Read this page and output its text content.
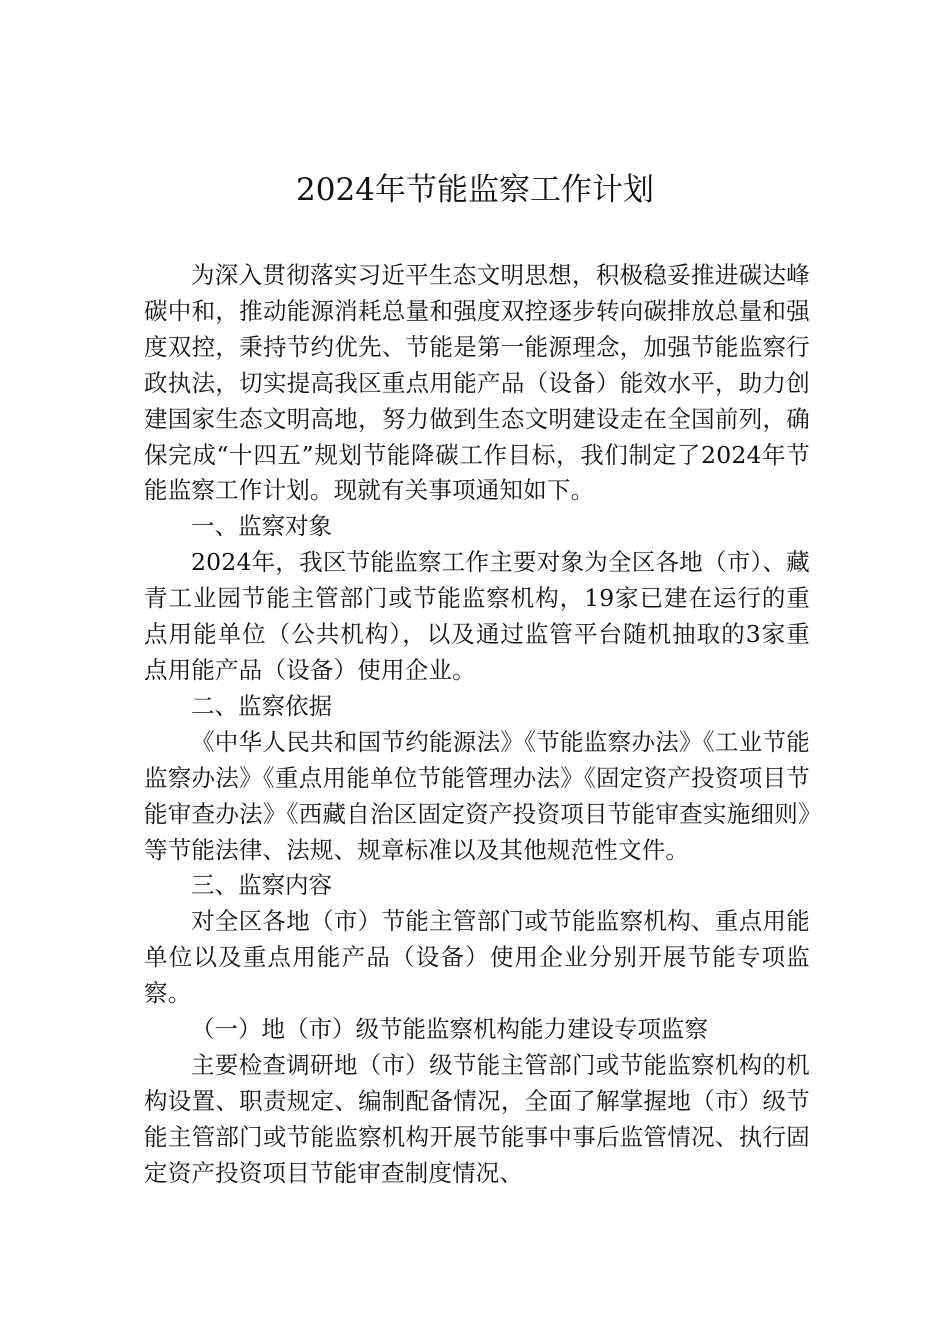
2024年节能监察工作计划

为深入贯彻落实习近平生态文明思想，积极稳妥推进碳达峰碳中和，推动能源消耗总量和强度双控逐步转向碳排放总量和强度双控，秉持节约优先、节能是第一能源理念，加强节能监察行政执法，切实提高我区重点用能产品（设备）能效水平，助力创建国家生态文明高地，努力做到生态文明建设走在全国前列，确保完成“十四五”规划节能降碳工作目标，我们制定了2024年节能监察工作计划。现就有关事项通知如下。

一、监察对象

2024年，我区节能监察工作主要对象为全区各地（市）、藏青工业园节能主管部门或节能监察机构，19家已建在运行的重点用能单位（公共机构），以及通过监管平台随机抽取的3家重点用能产品（设备）使用企业。

二、监察依据

《中华人民共和国节约能源法》《节能监察办法》《工业节能监察办法》《重点用能单位节能管理办法》《固定资产投资项目节能审查办法》《西藏自治区固定资产投资项目节能审查实施细则》等节能法律、法规、规章标准以及其他规范性文件。

三、监察内容

对全区各地（市）节能主管部门或节能监察机构、重点用能单位以及重点用能产品（设备）使用企业分别开展节能专项监察。

（一）地（市）级节能监察机构能力建设专项监察

主要检查调研地（市）级节能主管部门或节能监察机构的机构设置、职责规定、编制配备情况，全面了解掌握地（市）级节能主管部门或节能监察机构开展节能事中事后监管情况、执行固定资产投资项目节能审查制度情况、
